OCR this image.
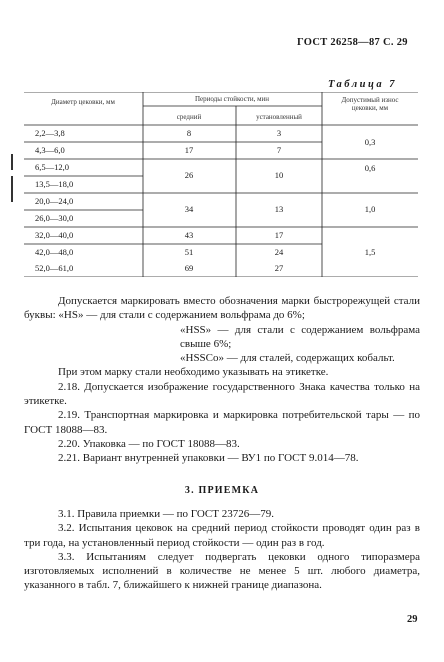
ГОСТ 26258—87 С. 29
Таблица 7
Диаметр цековки, мм	Периоды стойкости, мин
средний	установленный
Допустимый износ цековки, мм
2,2—3,8
4,3—6,0
6,5—12,0
13,5—18,0
20,0—24,0
26,0—30,0
32,0—40,0
42,0—48,0
52,0—61,0
8
17
26
34
43
51
69
3
7
10
13
17
24
27
0,3
0,6
1,0
1,5

Допускается маркировать вместо обозначения марки быстрорежущей стали буквы: «HS» — для стали с содержанием вольфрама до 6%;

«HSS» — для стали с содержанием вольфрама свыше 6%;

«HSSCo» — для сталей, содержащих кобальт.

При этом марку стали необходимо указывать на этикетке.

2.18. Допускается изображение государственного Знака качества только на этикетке.

2.19. Транспортная маркировка и маркировка потребительской тары — по ГОСТ 18088—83.

2.20. Упаковка — по ГОСТ 18088—83.

2.21. Вариант внутренней упаковки — ВУ1 по ГОСТ 9.014—78.

3. ПРИЕМКА

3.1. Правила приемки — по ГОСТ 23726—79.

3.2. Испытания цековок на средний период стойкости проводят один раз в три года, на установленный период стойкости — один раз в год.

3.3. Испытаниям следует подвергать цековки одного типоразмера изготовляемых исполнений в количестве не менее 5 шт. любого диаметра, указанного в табл. 7, ближайшего к нижней границе диапазона.

29
